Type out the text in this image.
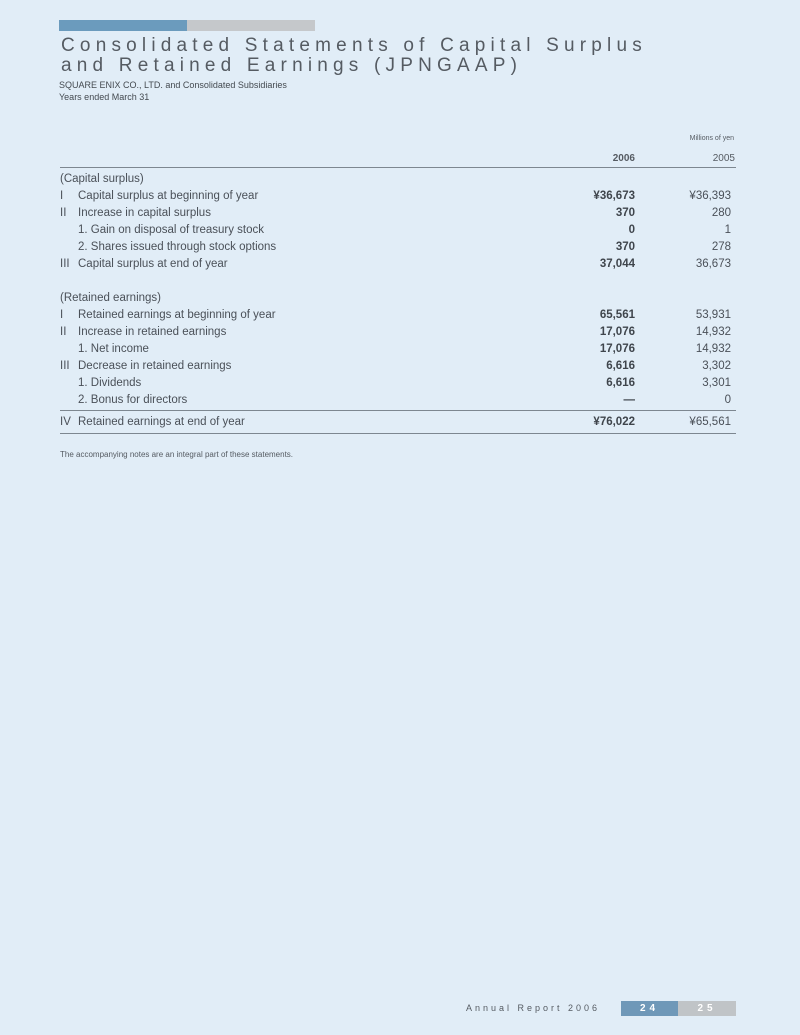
Consolidated Statements of Capital Surplus
and Retained Earnings (JPNGAAP)
SQUARE ENIX CO., LTD. and Consolidated Subsidiaries
Years ended March 31
Millions of yen
2006	2005
(Capital surplus)
I	Capital surplus at beginning of year	¥36,673	¥36,393
II	Increase in capital surplus	370	280
1. Gain on disposal of treasury stock	0	1
2. Shares issued through stock options	370	278
III Capital surplus at end of year	37,044	36,673
(Retained earnings)
I	Retained earnings at beginning of year	65,561	53,931
II	Increase in retained earnings	17,076	14,932
1. Net income	17,076	14,932
III Decrease in retained earnings	6,616	3,302
1. Dividends	6,616	3,301
2. Bonus for directors	—	0
IV Retained earnings at end of year	¥76,022	¥65,561
The accompanying notes are an integral part of these statements.
Annual Report 2006	24	25
